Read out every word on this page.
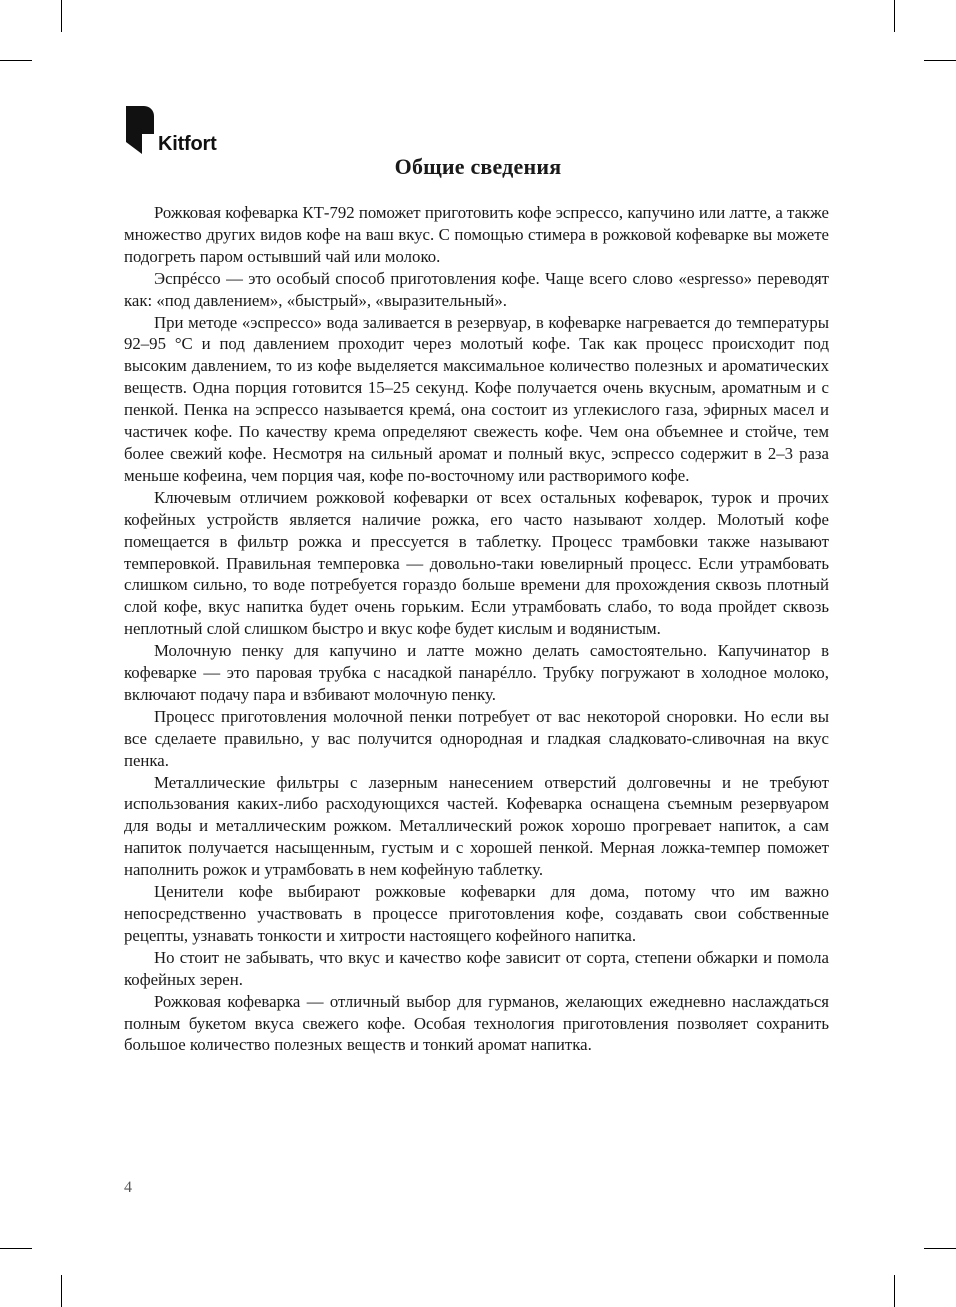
Kitfort
Общие сведения

Рожковая кофеварка КТ-792 поможет приготовить кофе эспрессо, капучино или латте, а также множество других видов кофе на ваш вкус. С помощью стимера в рожковой кофеварке вы можете подогреть паром остывший чай или молоко.

Эспрéссо — это особый способ приготовления кофе. Чаще всего слово «espresso» переводят как: «под давлением», «быстрый», «выразительный».

При методе «эспрессо» вода заливается в резервуар, в кофеварке нагревается до температуры 92–95 °С и под давлением проходит через молотый кофе. Так как процесс происходит под высоким давлением, то из кофе выделяется максимальное количество полезных и ароматических веществ. Одна порция готовится 15–25 секунд. Кофе получается очень вкусным, ароматным и с пенкой. Пенка на эспрессо называется кремá, она состоит из углекислого газа, эфирных масел и частичек кофе. По качеству крема определяют свежесть кофе. Чем она объемнее и стойче, тем более свежий кофе. Несмотря на сильный аромат и полный вкус, эспрессо содержит в 2–3 раза меньше кофеина, чем порция чая, кофе по-восточному или растворимого кофе.

Ключевым отличием рожковой кофеварки от всех остальных кофеварок, турок и прочих кофейных устройств является наличие рожка, его часто называют холдер. Молотый кофе помещается в фильтр рожка и прессуется в таблетку. Процесс трамбовки также называют темперовкой. Правильная темперовка — довольно-таки ювелирный процесс. Если утрамбовать слишком сильно, то воде потребуется гораздо больше времени для прохождения сквозь плотный слой кофе, вкус напитка будет очень горьким. Если утрамбовать слабо, то вода пройдет сквозь неплотный слой слишком быстро и вкус кофе будет кислым и водянистым.

Молочную пенку для капучино и латте можно делать самостоятельно. Капучинатор в кофеварке — это паровая трубка с насадкой панарéлло. Трубку погружают в холодное молоко, включают подачу пара и взбивают молочную пенку.

Процесс приготовления молочной пенки потребует от вас некоторой сноровки. Но если вы все сделаете правильно, у вас получится однородная и гладкая сладковато-сливочная на вкус пенка.

Металлические фильтры с лазерным нанесением отверстий долговечны и не требуют использования каких-либо расходующихся частей. Кофеварка оснащена съемным резервуаром для воды и металлическим рожком. Металлический рожок хорошо прогревает напиток, а сам напиток получается насыщенным, густым и с хорошей пенкой. Мерная ложка-темпер поможет наполнить рожок и утрамбовать в нем кофейную таблетку.

Ценители кофе выбирают рожковые кофеварки для дома, потому что им важно непосредственно участвовать в процессе приготовления кофе, создавать свои собственные рецепты, узнавать тонкости и хитрости настоящего кофейного напитка.

Но стоит не забывать, что вкус и качество кофе зависит от сорта, степени обжарки и помола кофейных зерен.

Рожковая кофеварка — отличный выбор для гурманов, желающих ежедневно наслаждаться полным букетом вкуса свежего кофе. Особая технология приготовления позволяет сохранить большое количество полезных веществ и тонкий аромат напитка.

4
